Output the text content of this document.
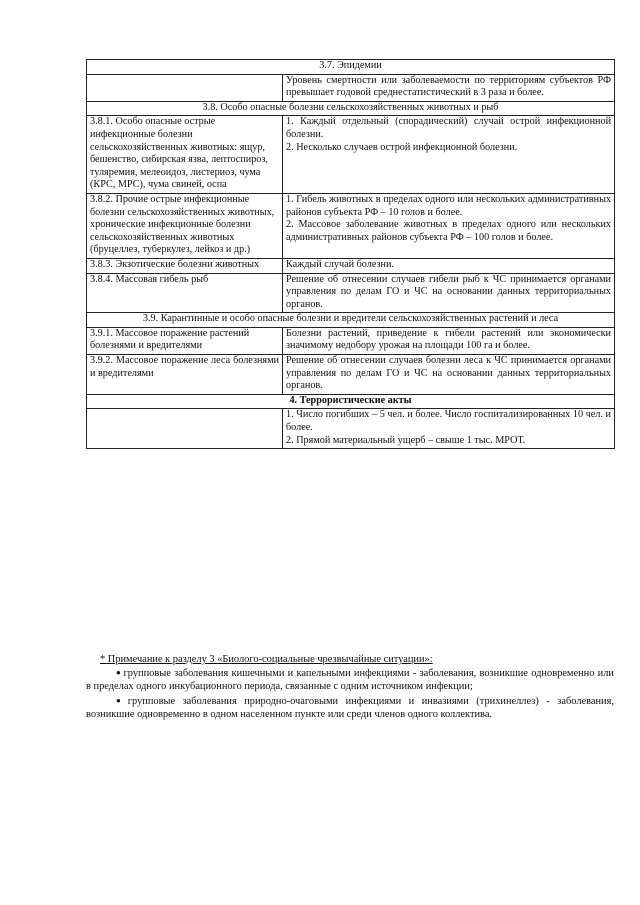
3.7. Эпидемии	
	Уровень смертности или заболеваемости по территориям субъектов РФ превышает годовой среднестатистический в 3 раза и более.
3.8. Особо опасные болезни сельскохозяйственных животных и рыб	
3.8.1. Особо опасные острые инфекционные болезни сельскохозяйственных животных: ящур, бешенство, сибирская язва, лептоспироз, туляремия, мелеоидоз, листериоз, чума (КРС, МРС), чума свиней, оспа	1. Каждый отдельный (спорадический) случай острой инфекционной болезни.
2. Несколько случаев острой инфекционной болезни.

3.8.2. Прочие острые инфекционные болезни сельскохозяйственных животных, хронические инфекционные болезни сельскохозяйственных животных (бруцеллез, туберкулез, лейкоз и др.)	1. Гибель животных в пределах одного или нескольких административных районов субъекта РФ – 10 голов и более.
2. Массовое заболевание животных в пределах одного или нескольких административных районов субъекта РФ – 100 голов и более.

3.8.3. Экзотические болезни животных	Каждый случай болезни.
3.8.4. Массовая гибель рыб	Решение об отнесении случаев гибели рыб к ЧС принимается органами управления по делам ГО и ЧС на основании данных территориальных органов.
3.9. Карантинные и особо опасные болезни и вредители сельскохозяйственных растений и леса	
3.9.1. Массовое поражение растений болезнями и вредителями	Болезни растений, приведение к гибели растений или экономически значимому недобору урожая на площади 100 га и более.
3.9.2. Массовое поражение леса болезнями и вредителями	Решение об отнесении случаев болезни леса к ЧС принимается органами управления по делам ГО и ЧС на основании данных территориальных органов.
4. Террористические акты	

	1. Число погибших – 5 чел. и более. Число госпитализированных 10 чел. и более.
2. Прямой материальный ущерб – свыше 1 тыс. МРОТ.
* Примечание к разделу 3 «Биолого-социальные чрезвычайные ситуации»:

● групповые заболевания кишечными и капельными инфекциями - заболевания, возникшие одновременно или в пределах одного инкубационного периода, связанные с одним источником инфекции;

● групповые заболевания природно-очаговыми инфекциями и инвазиями (трихинеллез) - заболевания, возникшие одновременно в одном населенном пункте или среди членов одного коллектива.
